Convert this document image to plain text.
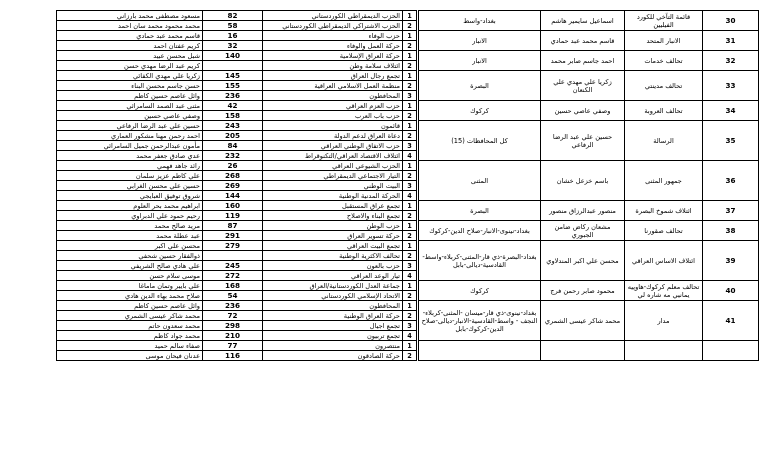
مسعود مصطفى محمد بارزاني	82	الحزب الديمقراطي الكوردستاني	1
محمد محمود محمد سان احمد	58	الحزب الاشتراكي الديمقراطي الكوردستاني	2
قاسم محمد عبد حمادي	16	حزب الوفاء	1
كريم عفتان احمد	32	حركة العمل والوفاء	2
شبل محسن عبيد	140	حركة العراق الإسلامية	1
كريم عبد الرضا مهدي حسن		ائتلاف سلامة وطن	2
زكريا علي مهدي الكفائي	145	تجمع رجال العراق	1
حسن جاسم محسن البناء	155	منظمة العمل الاسلامي العراقية	2
وائل عاصم حسين كاظم	236	المحافظون	3
مثنى عبد الصمد السامرائي	42	حزب العزم العراقي	1
وصفي عاصي حسين	158	حزب باب العرب	2
حسين علي عبد الرضا الرفاعي	243	قائمون	1
احمد رحمن مهنا مشكور العماري	205	دعاة العراق لدعم الدولة	2
مأمون عبدالرحمن جميل السامرائي	84	حزب الاتفاق الوطني العراقي	3
عدي صادق جعفر محمد	232	ائتلاف الاقتصاد العراقي/التكنوقراط	4
رائد جاهد فهمي	26	الحزب الشيوعي العراقي	1
علي كاظم عزيز سلمان	268	التيار الاجتماعي الديمقراطي	2
حسين علي محسن الغرابي	269	البيت الوطني	3
شروق توفيق العبايجي	144	الحركة المدنية الوطنية	4
ابراهيم محمد بحر العلوم	160	تجمع عراق المستقبل	1
رحيم حمود علي الدبراوي	119	تجمع البناء والاصلاح	2
مريد صالح محمد	87	حزب الوطن	1
عبد عطلة محمد	291	حركة تسوير العراق	2
محسن علي اكبر	279	تجمع البيت العراقي	1
ذوالفقار حسين شحفي		تحالف الاكثرية الوطنية	2
علي هادي صالح الشريفي	245	حزب بالعون	3
موسى سلام حسن	272	تيار الوعد العراقي	4
علي بايير وتمان ماماغا	168	جماعة العدل الكوردستانية/العراق	1
صلاح محمد بهاء الدين هادي	54	الاتحاد الإسلامي الكوردستاني	2
وائل عاصم حسين كاظم	236	المحافظون	1
محمد شاكر عيسى الشمري	72	حركة العراق الوطنية	2
محمد سعدون حاتم	298	تجمع اجيال	3
محمد جواد كاظم	210	تجمع تربيون	4
صفاء سالم حميد	77	منتصرون	1
عدنان فيحان موسى	116	حركة الصادقون	2
بغداد-واسط	اسماعيل سايمير هاشم	قائمة التآخي للكورد الفيليين	30

الانبار	قاسم محمد عبد حمادي	الانبار المتحد	31

الانبار	احمد جاسم صابر محمد	تحالف خدمات	32

البصرة	زكريا علي مهدي علي الكنعان	تحالف مدينتي	33

كركوك	وصفي عاصي حسين	تحالف العروبة	34

كل المحافظات (15)	حسين علي عبد الرضا الرفاعي	الرسالة	35

المثنى	باسم خزعل خشان	جمهور المثنى	36

البصرة	منصور عبدالرزاق منصور	ائتلاف شموخ البصرة	37

بغداد-نينوى-الانبار-صلاح الدين-كركوك	مشعان ركاض ضامن الجبوري	تحالف صقورنا	38

بغداد-البصرة-ذي قار-المثنى-كربلاء-واسط-القادسية-ديالى-بابل	محسن علي اكبر المندلاوي	ائتلاف الاساس العراقي	39

كركوك	محمود صابر رحمن فرج	تحالف معلم كركوك-هاوپيه يمانيي مه شاره لي	40

بغداد-نينوى-ذي قار-ميسان -المثنى-كربلاء-النجف - واسط-القادسية-الانبار-ديالى-صلاح الدين-كركوك-بابل	محمد شاكر عيسى الشمري	مدار	41
